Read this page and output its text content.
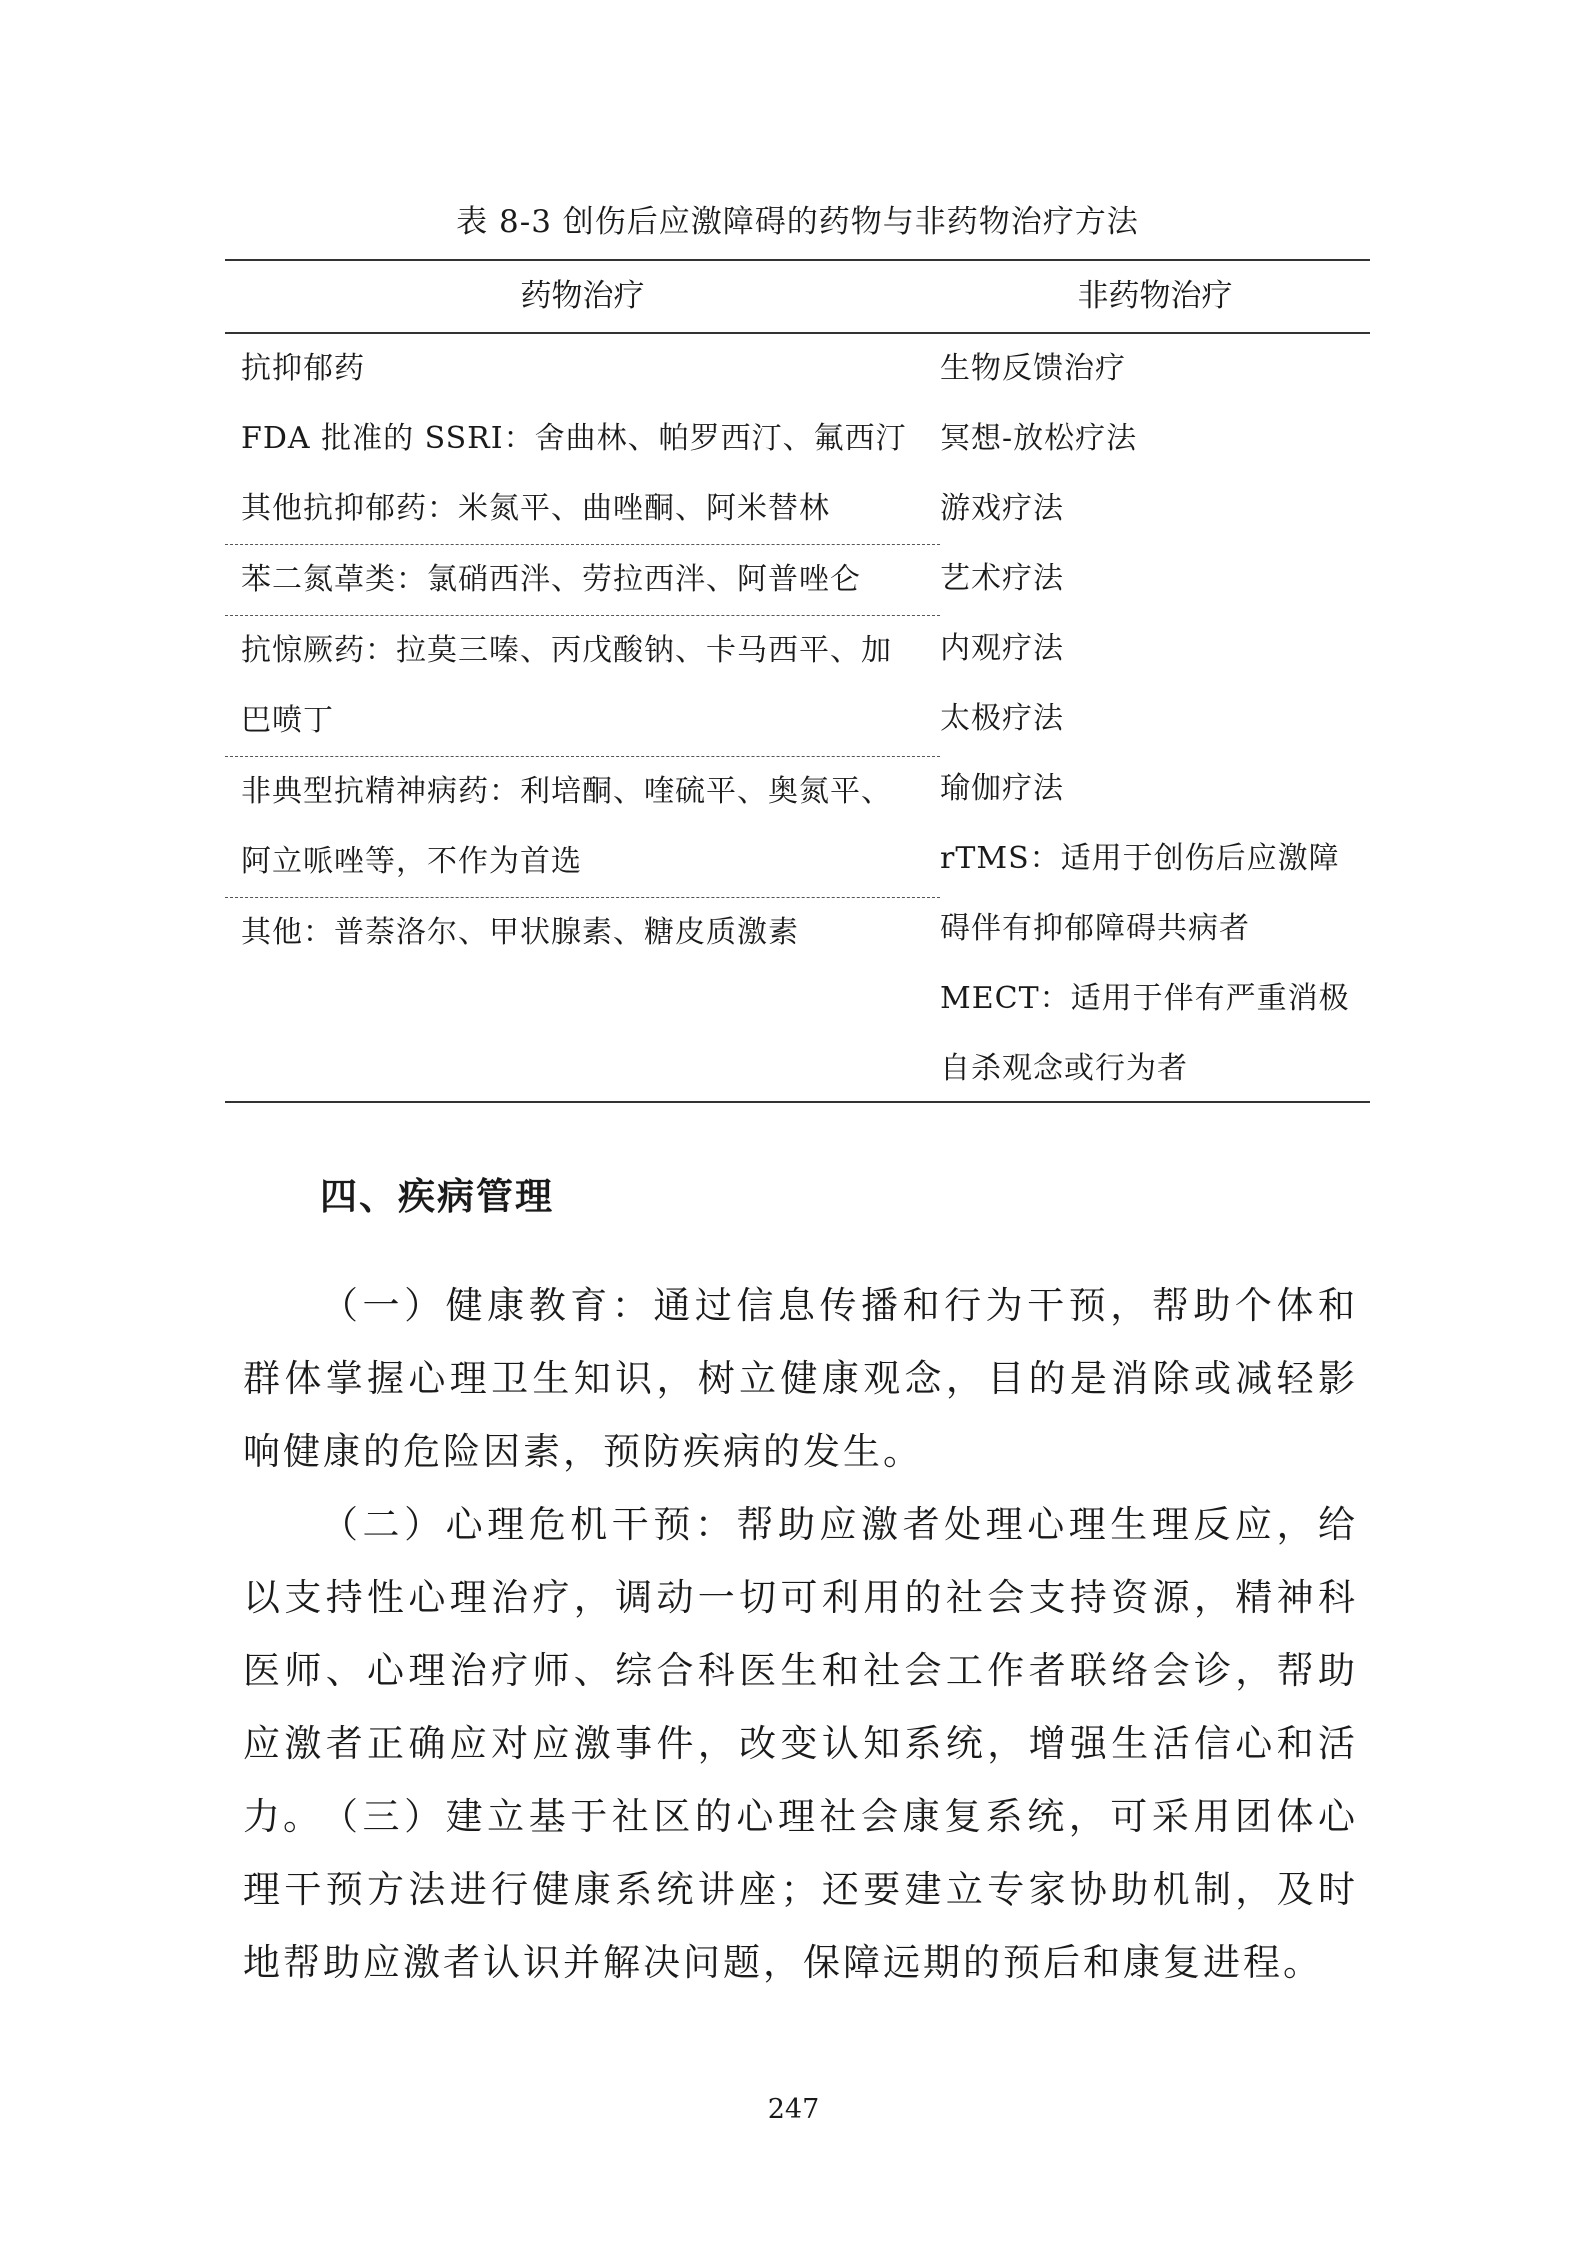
表 8-3 创伤后应激障碍的药物与非药物治疗方法
药物治疗	非药物治疗
抗抑郁药
FDA 批准的 SSRI：舍曲林、帕罗西汀、氟西汀
其他抗抑郁药：米氮平、曲唑酮、阿米替林
苯二氮䓬类：氯硝西泮、劳拉西泮、阿普唑仑
抗惊厥药：拉莫三嗪、丙戊酸钠、卡马西平、加
巴喷丁
非典型抗精神病药：利培酮、喹硫平、奥氮平、
阿立哌唑等，不作为首选
其他：普萘洛尔、甲状腺素、糖皮质激素
生物反馈治疗
冥想-放松疗法
游戏疗法
艺术疗法
内观疗法
太极疗法
瑜伽疗法
rTMS：适用于创伤后应激障
碍伴有抑郁障碍共病者
MECT：适用于伴有严重消极
自杀观念或行为者
四、疾病管理

（一）健康教育：通过信息传播和行为干预，帮助个体和群体掌握心理卫生知识，树立健康观念，目的是消除或减轻影响健康的危险因素，预防疾病的发生。

（二）心理危机干预：帮助应激者处理心理生理反应，给以支持性心理治疗，调动一切可利用的社会支持资源，精神科医师、心理治疗师、综合科医生和社会工作者联络会诊，帮助应激者正确应对应激事件，改变认知系统，增强生活信心和活力。

（三）建立基于社区的心理社会康复系统，可采用团体心理干预方法进行健康系统讲座；还要建立专家协助机制，及时地帮助应激者认识并解决问题，保障远期的预后和康复进程。

247
